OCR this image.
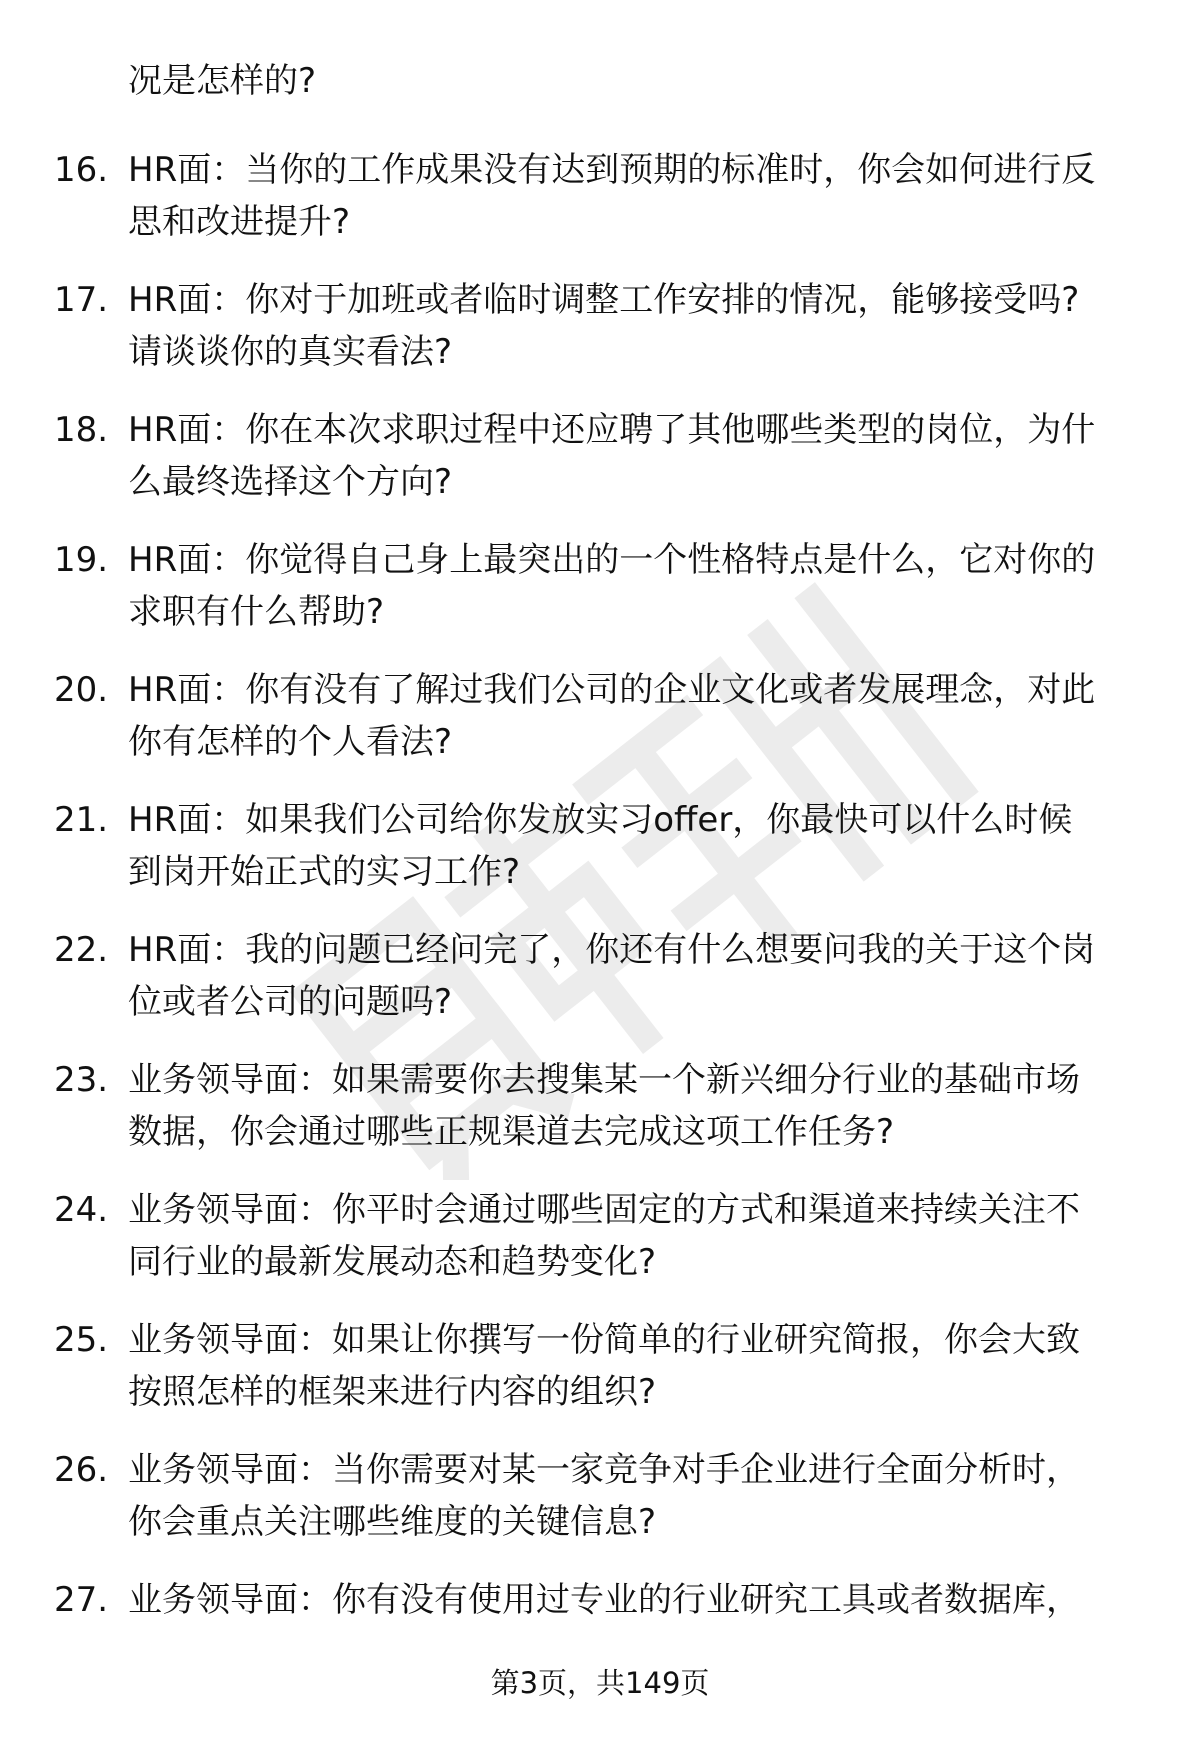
况是怎样的?
16. HR面：当你的工作成果没有达到预期的标准时，你会如何进行反
思和改进提升?
17. HR面：你对于加班或者临时调整工作安排的情况，能够接受吗?
请谈谈你的真实看法?
18. HR面：你在本次求职过程中还应聘了其他哪些类型的岗位，为什
么最终选择这个方向?
19. HR面：你觉得自己身上最突出的一个性格特点是什么，它对你的
求职有什么帮助?
20. HR面：你有没有了解过我们公司的企业文化或者发展理念，对此
你有怎样的个人看法?
21. HR面：如果我们公司给你发放实习offer，你最快可以什么时候
到岗开始正式的实习工作?
22. HR面：我的问题已经问完了，你还有什么想要问我的关于这个岗
位或者公司的问题吗?
23. 业务领导面：如果需要你去搜集某一个新兴细分行业的基础市场
数据，你会通过哪些正规渠道去完成这项工作任务?
24. 业务领导面：你平时会通过哪些固定的方式和渠道来持续关注不
同行业的最新发展动态和趋势变化?
25. 业务领导面：如果让你撰写一份简单的行业研究简报，你会大致
按照怎样的框架来进行内容的组织?
26. 业务领导面：当你需要对某一家竞争对手企业进行全面分析时，
你会重点关注哪些维度的关键信息?
27. 业务领导面：你有没有使用过专业的行业研究工具或者数据库，
第3页，共149页
